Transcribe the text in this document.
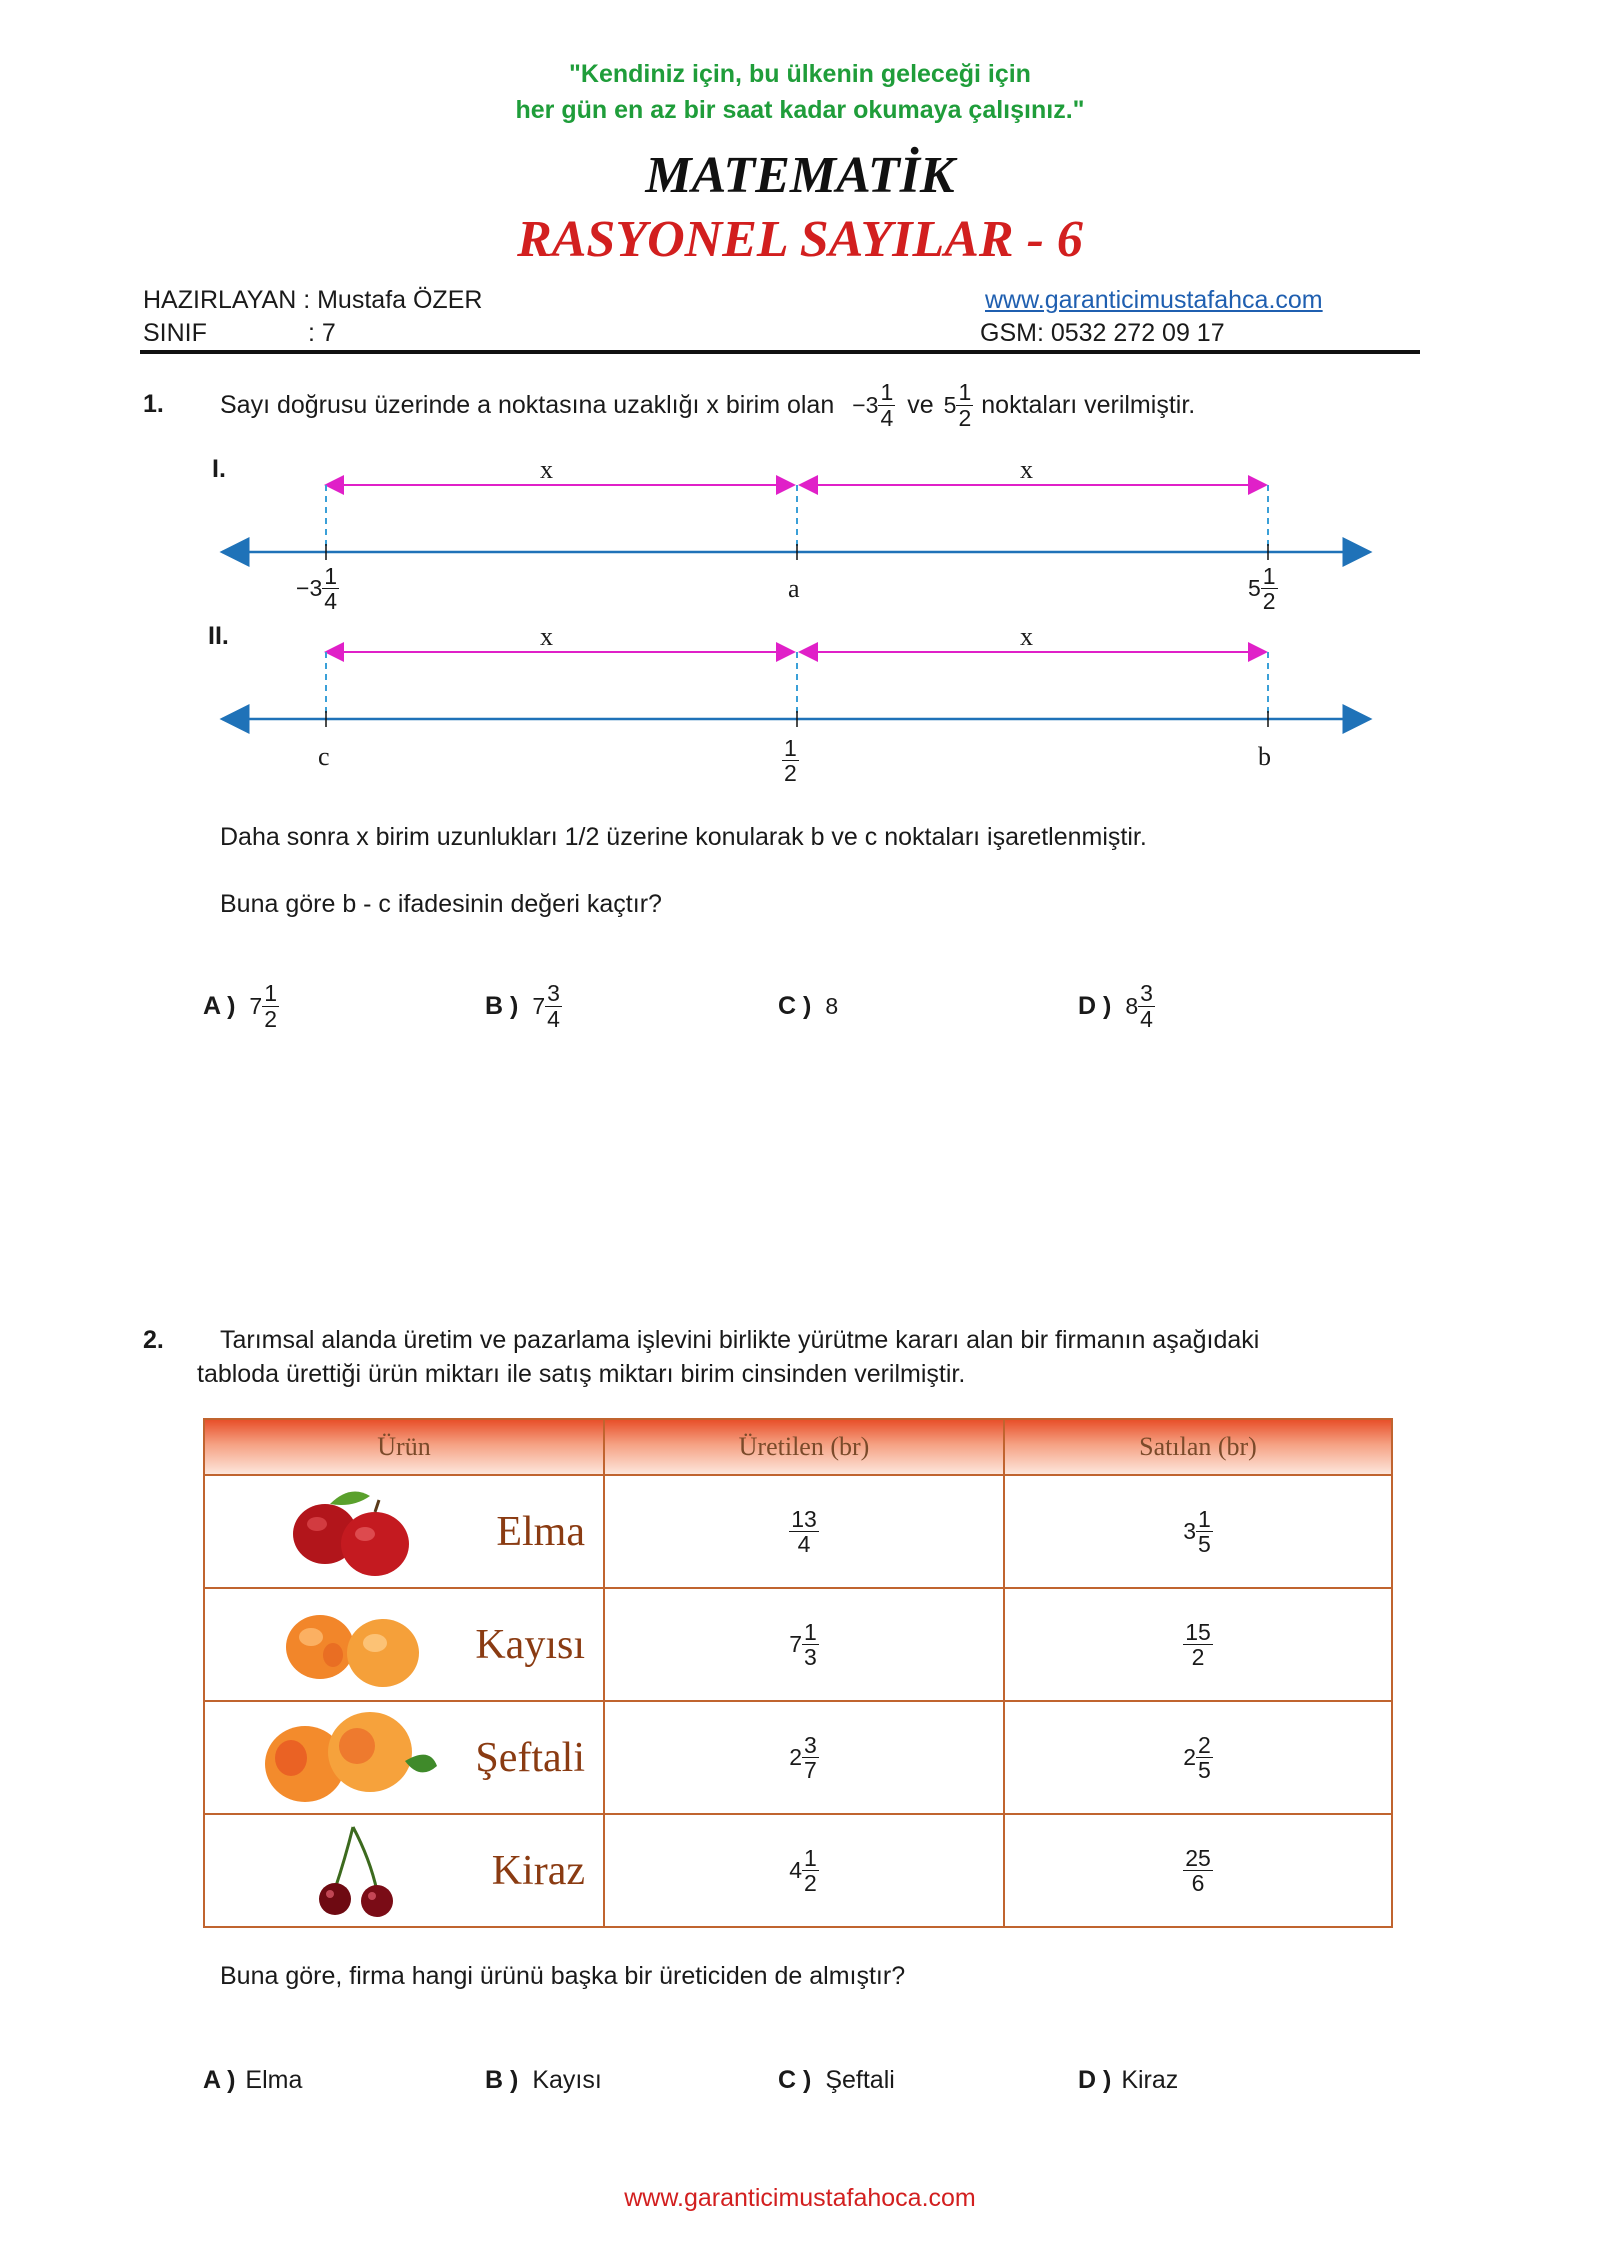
"Kendiniz için, bu ülkenin geleceği için
her gün en az bir saat kadar okumaya çalışınız."
MATEMATİK
RASYONEL SAYILAR - 6
HAZIRLAYAN : Mustafa ÖZER	www.garanticimustafahca.com
SINIF	: 7	GSM: 0532 272 09 17
1. Sayı doğrusu üzerinde a noktasına uzaklığı x birim olan − $3 \frac{1}{4}$ ve $5 \frac{1}{2}$ noktaları verilmiştir.
I.	x	x
− $3 \frac{1}{4}$	a	$5 \frac{1}{2}$
II.	x	x
c	$\frac{1}{2}$	b
Daha sonra x birim uzunlukları 1/2 üzerine konularak b ve c noktaları işaretlenmiştir.
Buna göre b - c ifadesinin değeri kaçtır?
A ) $7 \frac{1}{2}$	B ) $7 \frac{3}{4}$	C ) 8	D ) $8 \frac{3}{4}$
2. Tarımsal alanda üretim ve pazarlama işlevini birlikte yürütme kararı alan bir firmanın aşağıdaki
tabloda ürettiği ürün miktarı ile satış miktarı birim cinsinden verilmiştir.
Ürün	Üretilen (br)	Satılan (br)

Elma	$\frac{13}{4}$	$3 \frac{1}{5}$

Kayısı	$7 \frac{1}{3}$	$\frac{15}{2}$

Şeftali	$2 \frac{3}{7}$	$2 \frac{2}{5}$

Kiraz	$4 \frac{1}{2}$	$\frac{25}{6}$
Buna göre, firma hangi ürünü başka bir üreticiden de almıştır?
A ) Elma	B ) Kayısı	C ) Şeftali	D ) Kiraz
www.garanticimustafahoca.com
